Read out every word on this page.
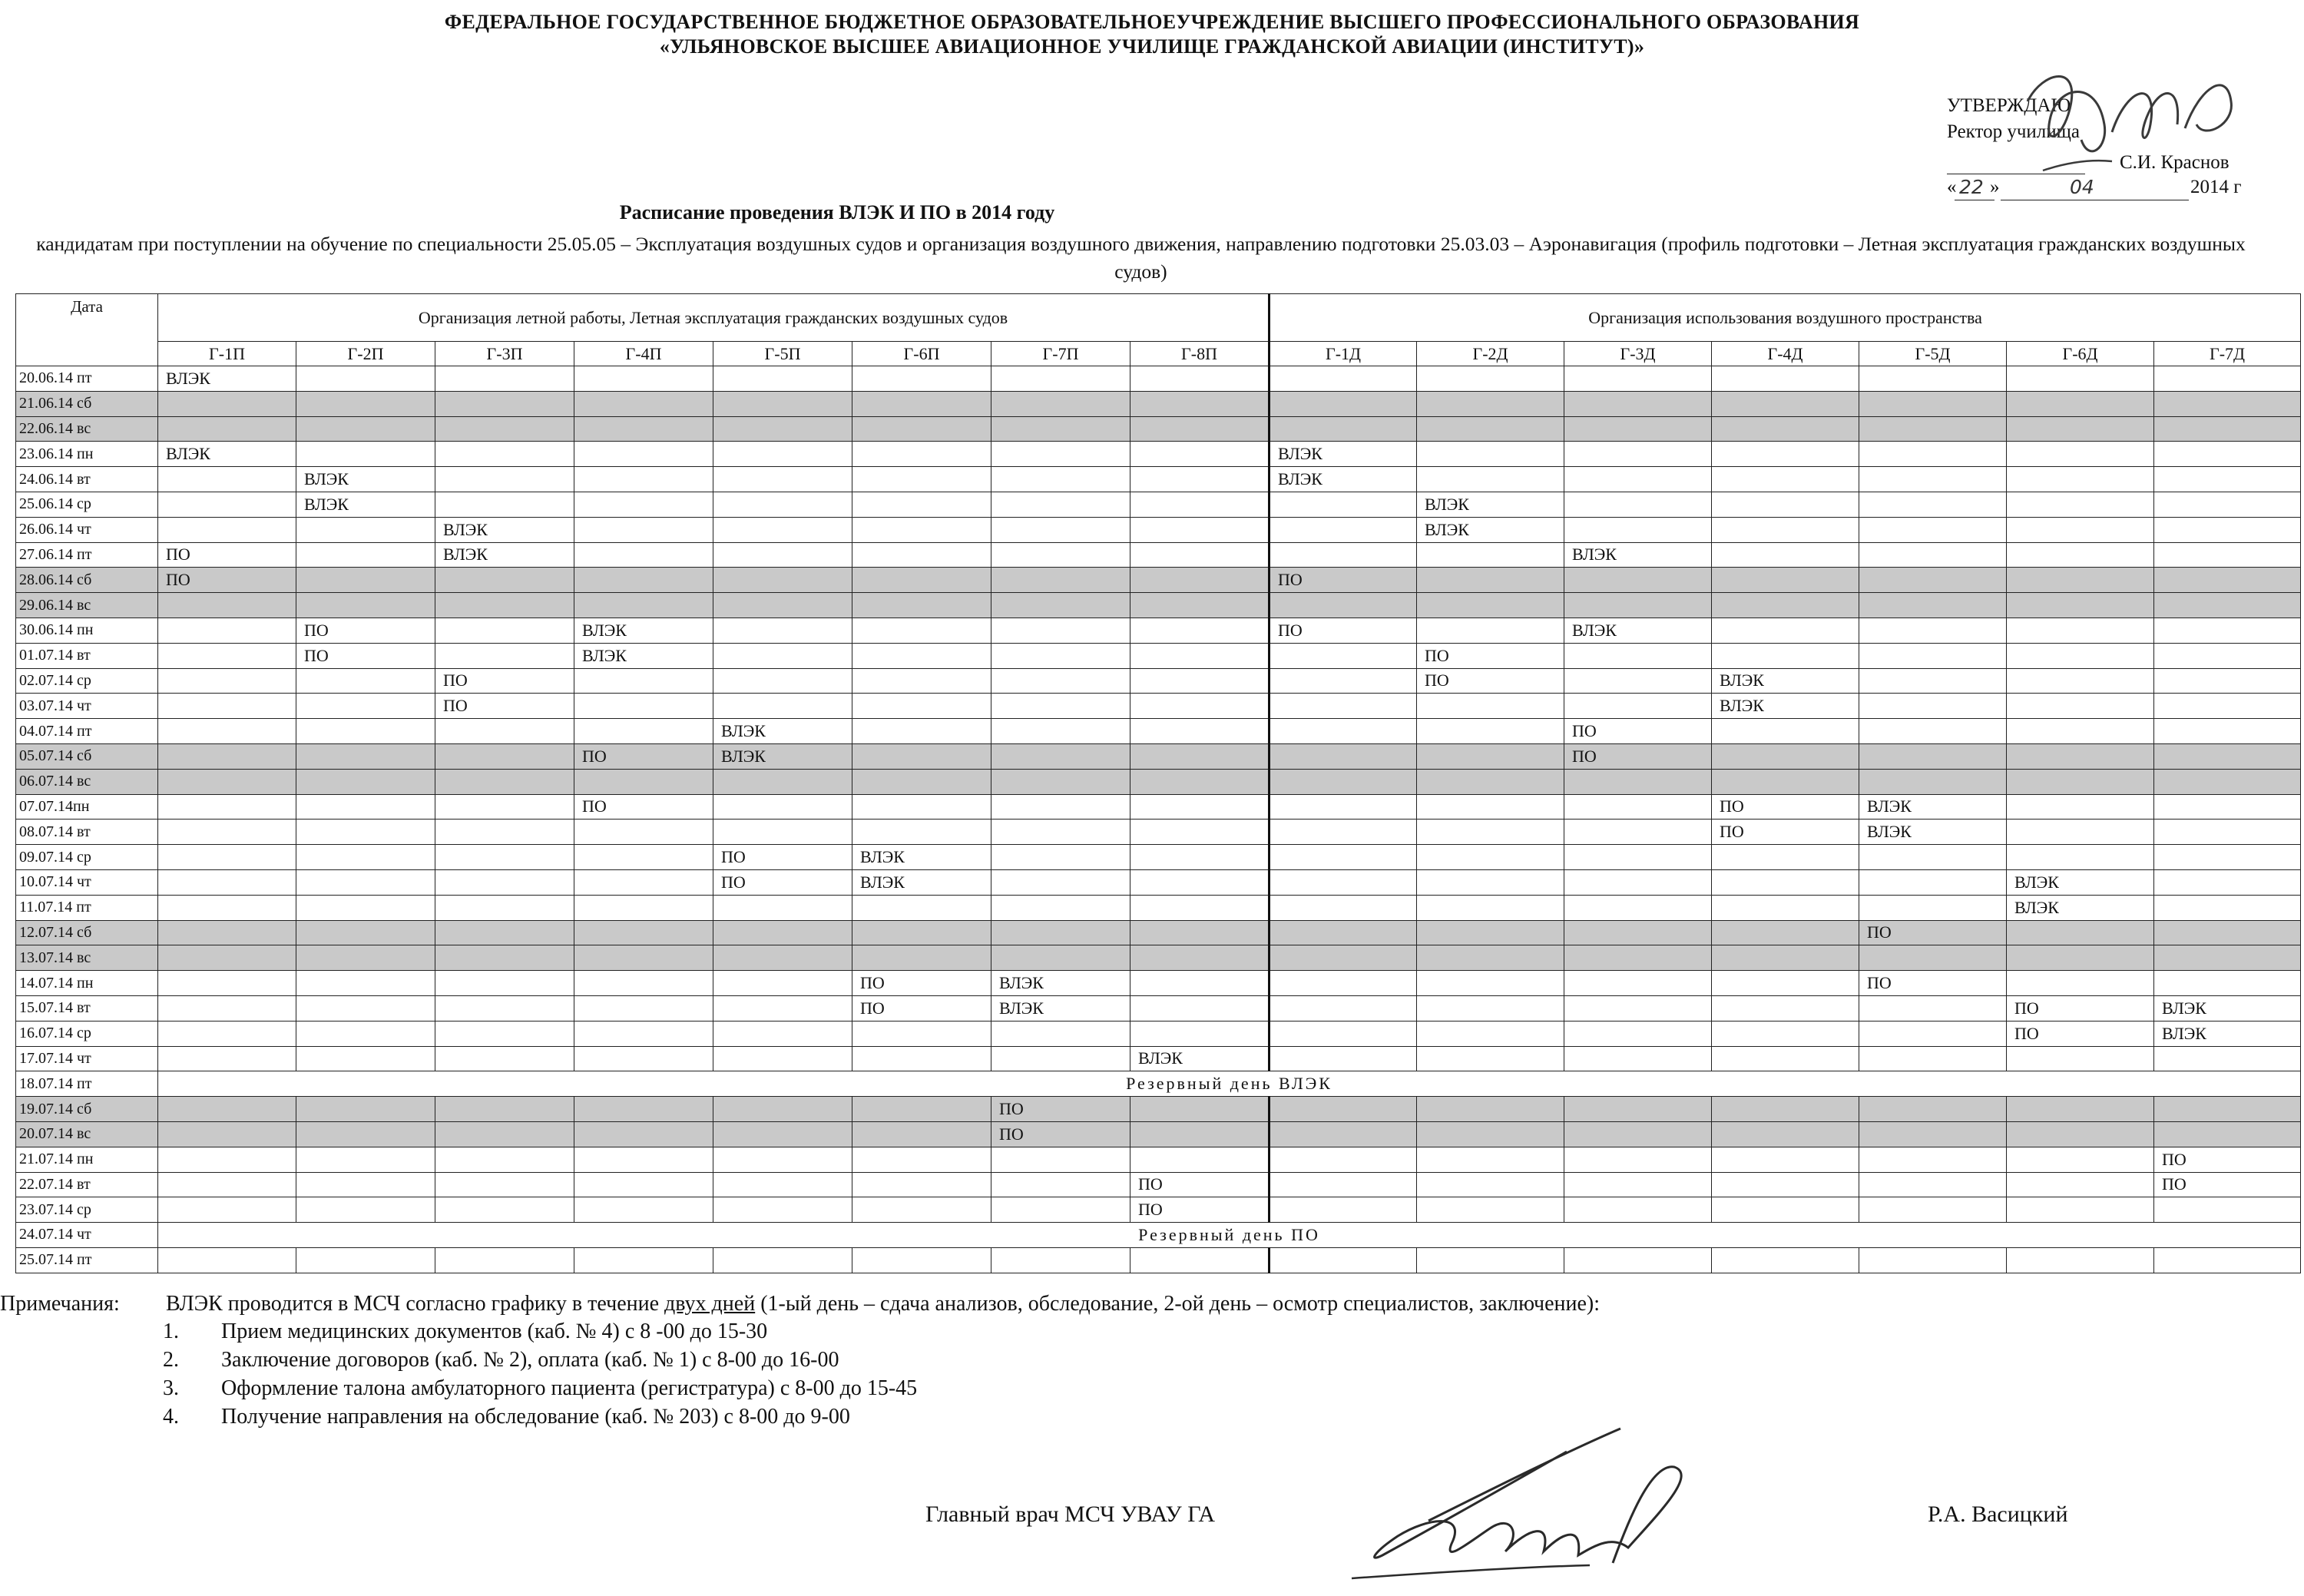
ФЕДЕРАЛЬНОЕ ГОСУДАРСТВЕННОЕ БЮДЖЕТНОЕ ОБРАЗОВАТЕЛЬНОЕУЧРЕЖДЕНИЕ ВЫСШЕГО ПРОФЕССИОНАЛЬНОГО ОБРАЗОВАНИЯ
«УЛЬЯНОВСКОЕ ВЫСШЕЕ АВИАЦИОННОЕ УЧИЛИЩЕ ГРАЖДАНСКОЙ АВИАЦИИ (ИНСТИТУТ)»
УТВЕРЖДАЮ
Ректор училища
С.И. Краснов
« 22 »	04	2014 г
Расписание проведения ВЛЭК И ПО в 2014 году
кандидатам при поступлении на обучение по специальности 25.05.05 – Эксплуатация воздушных судов и организация воздушного движения, направлению подготовки 25.03.03 – Аэронавигация (профиль подготовки – Летная эксплуатация гражданских воздушных судов)
Дата	Организация летной работы, Летная эксплуатация гражданских воздушных судов								Организация использования воздушного пространства						
	Г-1П	Г-2П	Г-3П	Г-4П	Г-5П	Г-6П	Г-7П	Г-8П	Г-1Д	Г-2Д	Г-3Д	Г-4Д	Г-5Д	Г-6Д	Г-7Д
20.06.14 пт	ВЛЭК														
21.06.14 сб															
22.06.14 вс															
23.06.14 пн	ВЛЭК								ВЛЭК						
24.06.14 вт		ВЛЭК							ВЛЭК						
25.06.14 ср		ВЛЭК								ВЛЭК					
26.06.14 чт			ВЛЭК							ВЛЭК					
27.06.14 пт	ПО		ВЛЭК								ВЛЭК				
28.06.14 сб	ПО								ПО						
29.06.14 вс															
30.06.14 пн		ПО		ВЛЭК					ПО		ВЛЭК				
01.07.14 вт		ПО		ВЛЭК						ПО					
02.07.14 ср			ПО							ПО		ВЛЭК			
03.07.14 чт			ПО									ВЛЭК			
04.07.14 пт					ВЛЭК						ПО				
05.07.14 сб				ПО	ВЛЭК						ПО				
06.07.14 вс															
07.07.14пн				ПО								ПО	ВЛЭК		
08.07.14 вт												ПО	ВЛЭК		
09.07.14 ср					ПО	ВЛЭК									
10.07.14 чт					ПО	ВЛЭК								ВЛЭК	
11.07.14 пт														ВЛЭК	
12.07.14 сб													ПО		
13.07.14 вс															
14.07.14 пн						ПО	ВЛЭК						ПО		
15.07.14 вт						ПО	ВЛЭК							ПО	ВЛЭК
16.07.14 ср														ПО	ВЛЭК
17.07.14 чт								ВЛЭК							
18.07.14 пт	Резервный день ВЛЭК														
19.07.14 сб							ПО								
20.07.14 вс							ПО								
21.07.14 пн															ПО
22.07.14 вт								ПО							ПО
23.07.14 ср								ПО							
24.07.14 чт	Резервный день ПО														
25.07.14 пт															
Примечания: ВЛЭК проводится в МСЧ согласно графику в течение двух дней (1-ый день – сдача анализов, обследование, 2-ой день – осмотр специалистов, заключение):
1. Прием медицинских документов (каб. № 4) с 8 -00 до 15-30
2. Заключение договоров (каб. № 2), оплата (каб. № 1) с 8-00 до 16-00
3. Оформление талона амбулаторного пациента (регистратура) с 8-00 до 15-45
4. Получение направления на обследование (каб. № 203) с 8-00 до 9-00
Главный врач МСЧ УВАУ ГА	Р.А. Васицкий
